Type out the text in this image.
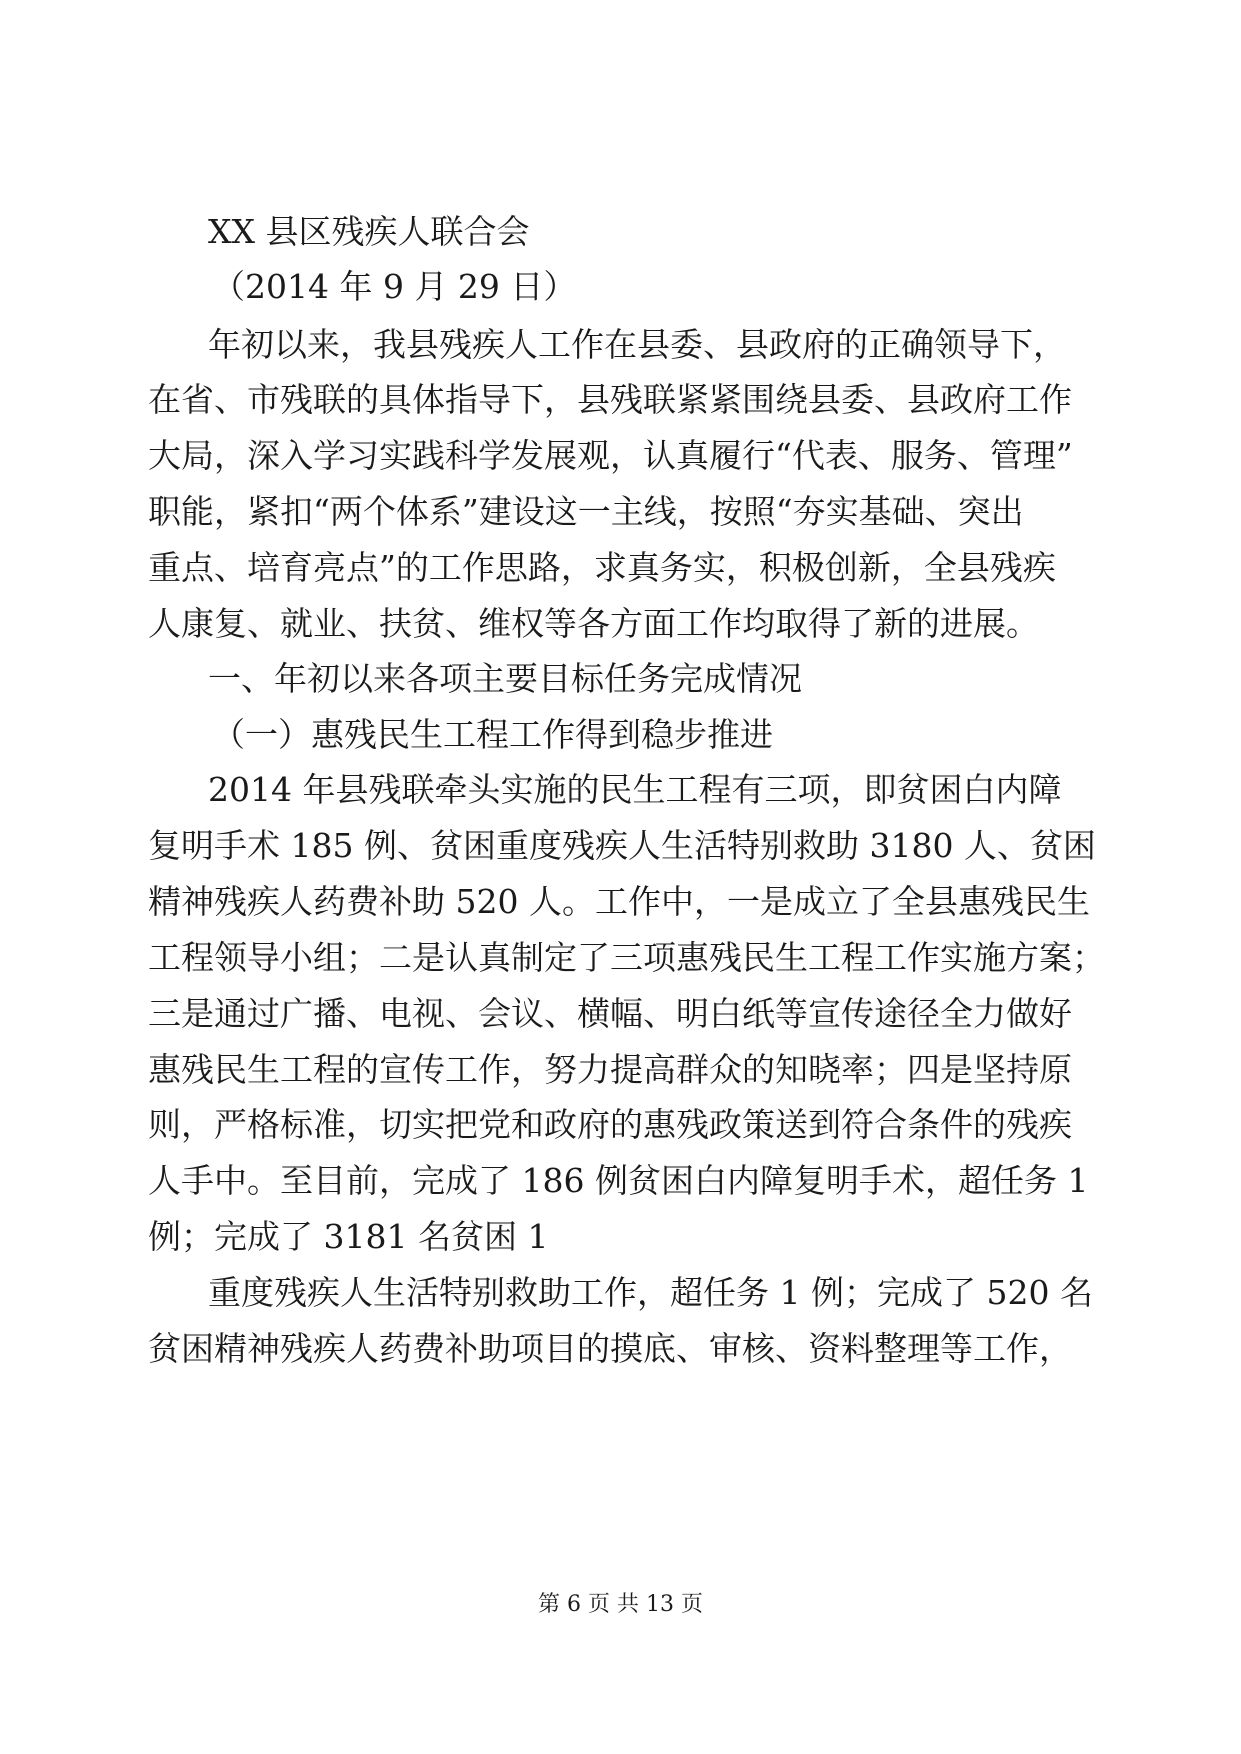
XX 县区残疾人联合会
（2014 年 9 月 29 日）
年初以来，我县残疾人工作在县委、县政府的正确领导下，
在省、市残联的具体指导下，县残联紧紧围绕县委、县政府工作
大局，深入学习实践科学发展观，认真履行“代表、服务、管理”
职能，紧扣“两个体系”建设这一主线，按照“夯实基础、突出
重点、培育亮点”的工作思路，求真务实，积极创新，全县残疾
人康复、就业、扶贫、维权等各方面工作均取得了新的进展。
一、年初以来各项主要目标任务完成情况
（一）惠残民生工程工作得到稳步推进
2014 年县残联牵头实施的民生工程有三项，即贫困白内障
复明手术 185 例、贫困重度残疾人生活特别救助 3180 人、贫困
精神残疾人药费补助 520 人。工作中，一是成立了全县惠残民生
工程领导小组；二是认真制定了三项惠残民生工程工作实施方案；
三是通过广播、电视、会议、横幅、明白纸等宣传途径全力做好
惠残民生工程的宣传工作，努力提高群众的知晓率；四是坚持原
则，严格标准，切实把党和政府的惠残政策送到符合条件的残疾
人手中。至目前，完成了 186 例贫困白内障复明手术，超任务 1
例；完成了 3181 名贫困 1
重度残疾人生活特别救助工作，超任务 1 例；完成了 520 名
贫困精神残疾人药费补助项目的摸底、审核、资料整理等工作，
第 6 页 共 13 页
